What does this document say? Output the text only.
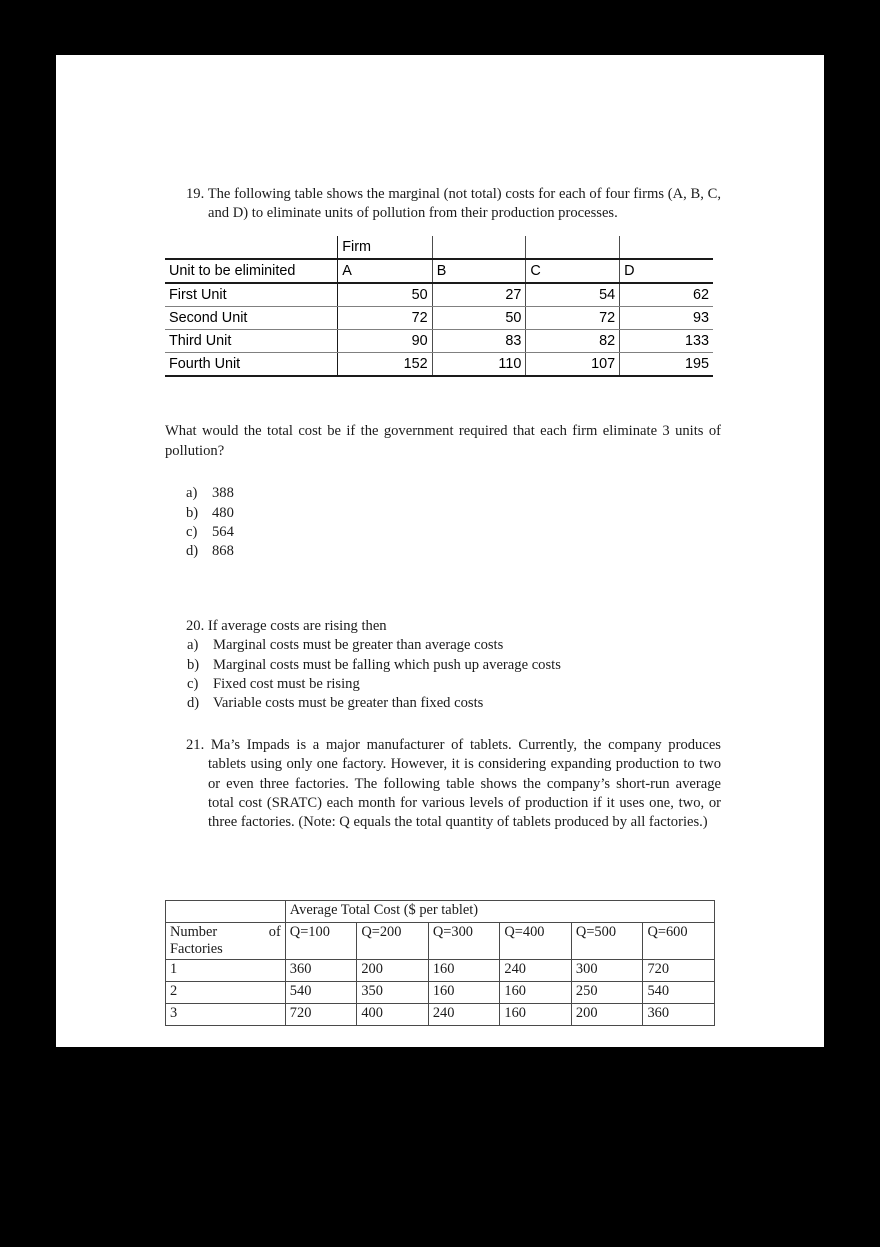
19. The following table shows the marginal (not total) costs for each of four firms (A, B, C, and D) to eliminate units of pollution from their production processes.
	Firm			
Unit to be eliminited	A	B	C	D
First Unit	50	27	54	62
Second Unit	72	50	72	93
Third Unit	90	83	82	133
Fourth Unit	152	110	107	195
What would the total cost be if the government required that each firm eliminate 3 units of pollution?
a)	388
b) 480
c)	564
d) 868
20. If average costs are rising then
a)	Marginal costs must be greater than average costs
b) Marginal costs must be falling which push up average costs
c)	Fixed cost must be rising
d) Variable costs must be greater than fixed costs
21. Ma’s Impads is a major manufacturer of tablets. Currently, the company produces tablets using only one factory. However, it is considering expanding production to two or even three factories. The following table shows the company’s short-run average total cost (SRATC) each month for various levels of production if it uses one, two, or three factories. (Note: Q equals the total quantity of tablets produced by all factories.)
	Average Total Cost ($ per tablet)					

Number of
Factories	Q=100	Q=200	Q=300	Q=400	Q=500	Q=600
1	360	200	160	240	300	720
2	540	350	160	160	250	540
3	720	400	240	160	200	360
